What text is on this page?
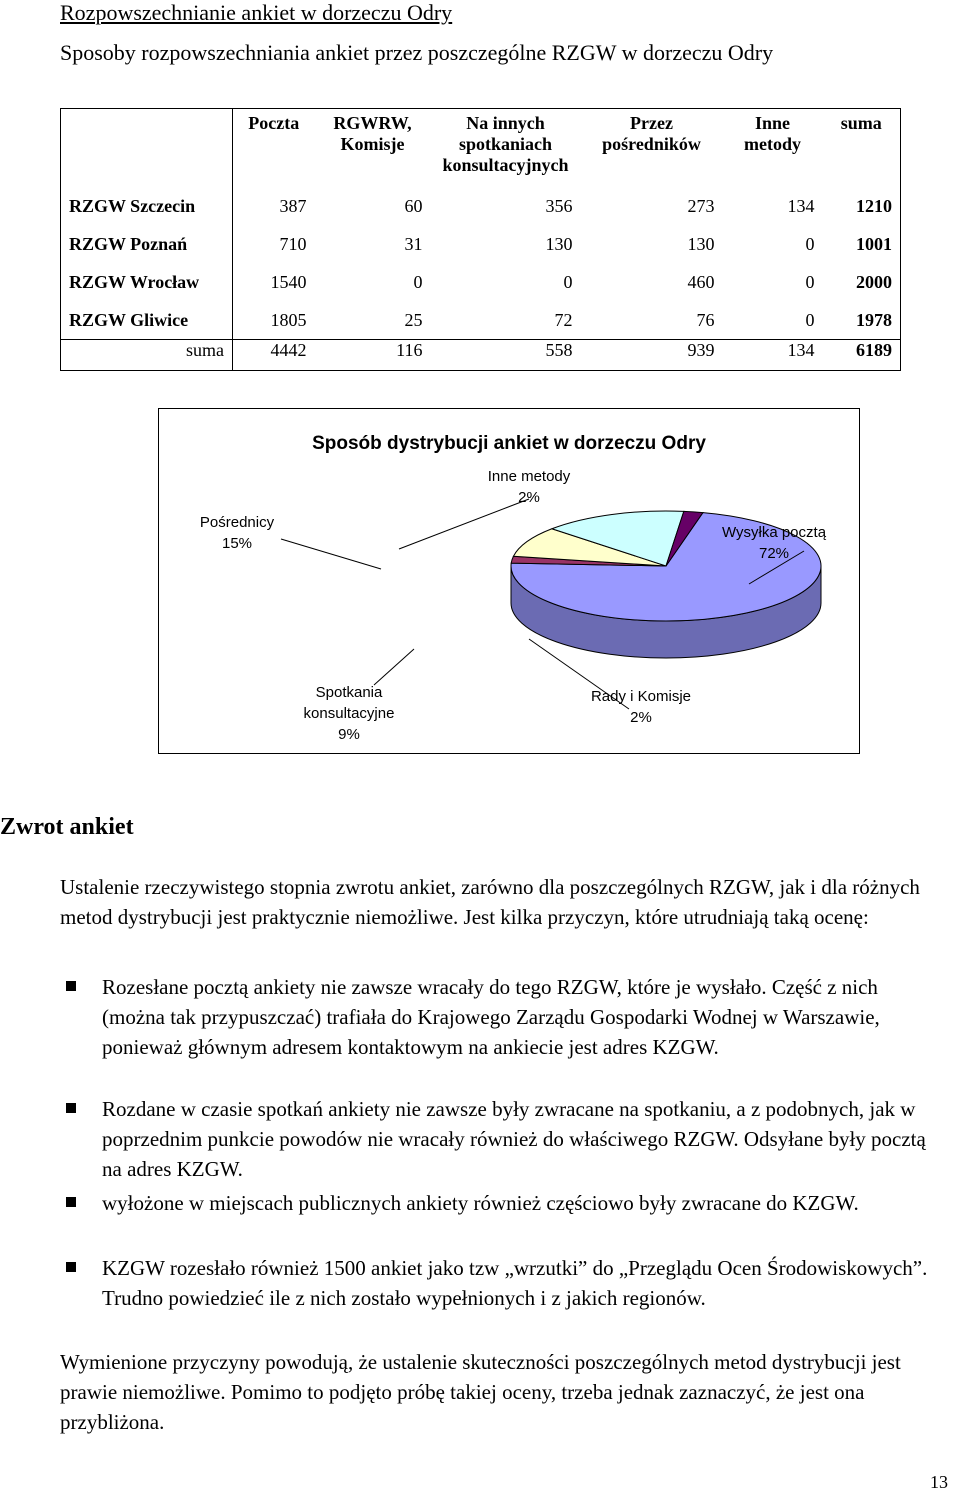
Rozpowszechnianie ankiet w dorzeczu Odry
Sposoby rozpowszechniania ankiet przez poszczególne RZGW w dorzeczu Odry
	Poczta	RGWRW, Komisje	Na innych spotkaniach konsultacyjnych	Przez pośredników	Inne metody	suma
RZGW Szczecin	387	60	356	273	134	1210
RZGW Poznań	710	31	130	130	0	1001
RZGW Wrocław	1540	0	0	460	0	2000
RZGW Gliwice	1805	25	72	76	0	1978
suma	4442	116	558	939	134	6189
Sposób dystrybucji ankiet w dorzeczu Odry
Wysyłka pocztą
72%
Rady i Komisje
2%
Spotkania
konsultacyjne
9%
Pośrednicy
15%
Inne metody
2%
Zwrot ankiet
Ustalenie rzeczywistego stopnia zwrotu ankiet, zarówno dla poszczególnych RZGW, jak i dla różnych metod dystrybucji jest praktycznie niemożliwe. Jest kilka przyczyn, które utrudniają taką ocenę:
Rozesłane pocztą ankiety nie zawsze wracały do tego RZGW, które je wysłało. Część z nich (można tak przypuszczać) trafiała do Krajowego Zarządu Gospodarki Wodnej w Warszawie, ponieważ głównym adresem kontaktowym na ankiecie jest adres KZGW.
Rozdane w czasie spotkań ankiety nie zawsze były zwracane na spotkaniu, a z podobnych, jak w poprzednim punkcie powodów nie wracały również do właściwego RZGW. Odsyłane były pocztą na adres KZGW.
wyłożone w miejscach publicznych ankiety również częściowo były zwracane do KZGW.
KZGW rozesłało również 1500 ankiet jako tzw „wrzutki” do „Przeglądu Ocen Środowiskowych”. Trudno powiedzieć ile z nich zostało wypełnionych i z jakich regionów.
Wymienione przyczyny powodują, że ustalenie skuteczności poszczególnych metod dystrybucji jest prawie niemożliwe. Pomimo to podjęto próbę takiej oceny, trzeba jednak zaznaczyć, że jest ona przybliżona.
13
